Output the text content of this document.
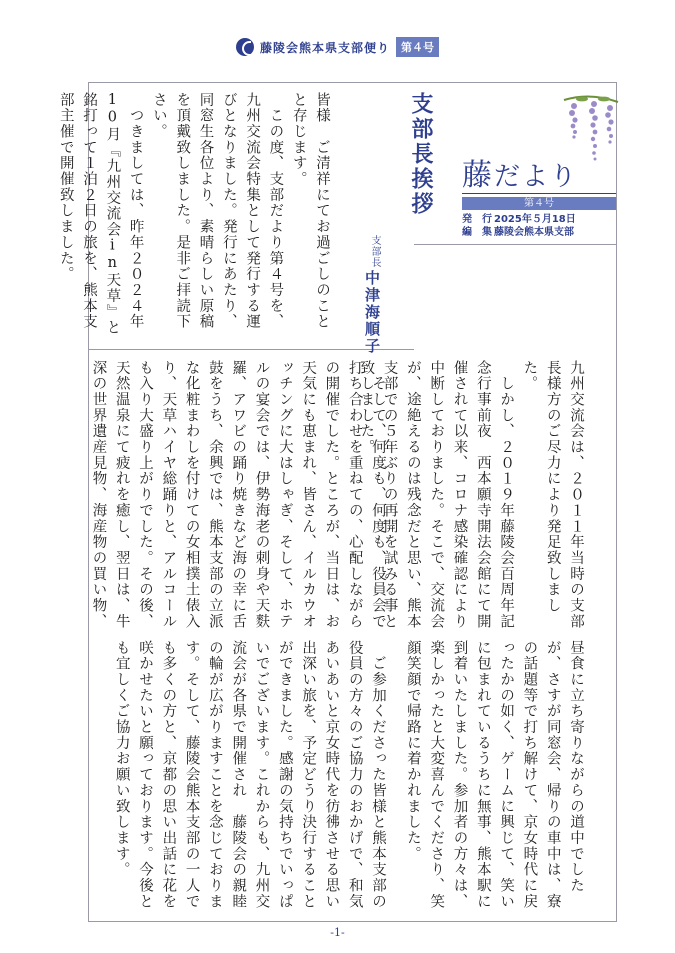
藤陵会熊本県支部便り	第４号
藤だより
第４号
発　行 2025年５月18日
編　集 藤陵会熊本県支部
支部長挨拶
支部長
中津海順子
皆様　ご清祥にてお過ごしのことと存じます。
　この度、支部だより第４号を、九州交流会特集として発行する運びとなりました。発行にあたり、同窓生各位より、素晴らしい原稿を頂戴致しました。是非ご拝読下さい。
　つきましては、昨年２０２４年10月『九州交流会in天草』と銘打って１泊２日の旅を、熊本支部主催で開催致しました。
九州交流会は、２０１１年当時の支部長様方のご尽力により発足致しました。
　しかし、２０１９年藤陵会百周年記念行事前夜　西本願寺開法会館にて開催されて以来、コロナ感染確認により中断しておりました。そこで、交流会が、途絶えるのは残念だと思い、熊本支部での５年ぶりの再開を試みる事と致しました。
　そして、何度も、何度も、役員会で打ち合わせを重ねての、心配しながらの開催でした。ところが、当日は、お天気にも恵まれ、皆さん、イルカウオッチングに大はしゃぎ、そして、ホテルの宴会では、伊勢海老の刺身や天麩羅、アワビの踊り焼きなど海の幸に舌鼓をうち、余興では、熊本支部の立派な化粧まわしを付けての女相撲土俵入り、天草ハイヤ総踊りと、アルコールも入り大盛り上がりでした。その後、天然温泉にて疲れを癒し、翌日は、牛深の世界遺産見物、海産物の買い物、
昼食に立ち寄りながらの道中でしたが、さすが同窓会、帰りの車中は、寮の話題等で打ち解けて、京女時代に戻ったかの如く、ゲームに興じて、笑いに包まれているうちに無事、熊本駅に到着いたしました。参加者の方々は、楽しかったと大変喜んでくださり、笑顔笑顔で帰路に着かれました。
　ご参加くださった皆様と熊本支部の役員の方々のご協力のおかげで、和気あいあいと京女時代を彷彿させる思い出深い旅を、予定どうり決行することができました。感謝の気持ちでいっぱいでございます。これからも、九州交流会が各県で開催され　藤陵会の親睦の輪が広がりますことを念じております。そして、藤陵会熊本支部の一人でも多くの方と、京都の思い出話に花を咲かせたいと願っております。今後とも宜しくご協力お願い致します。
-1-
